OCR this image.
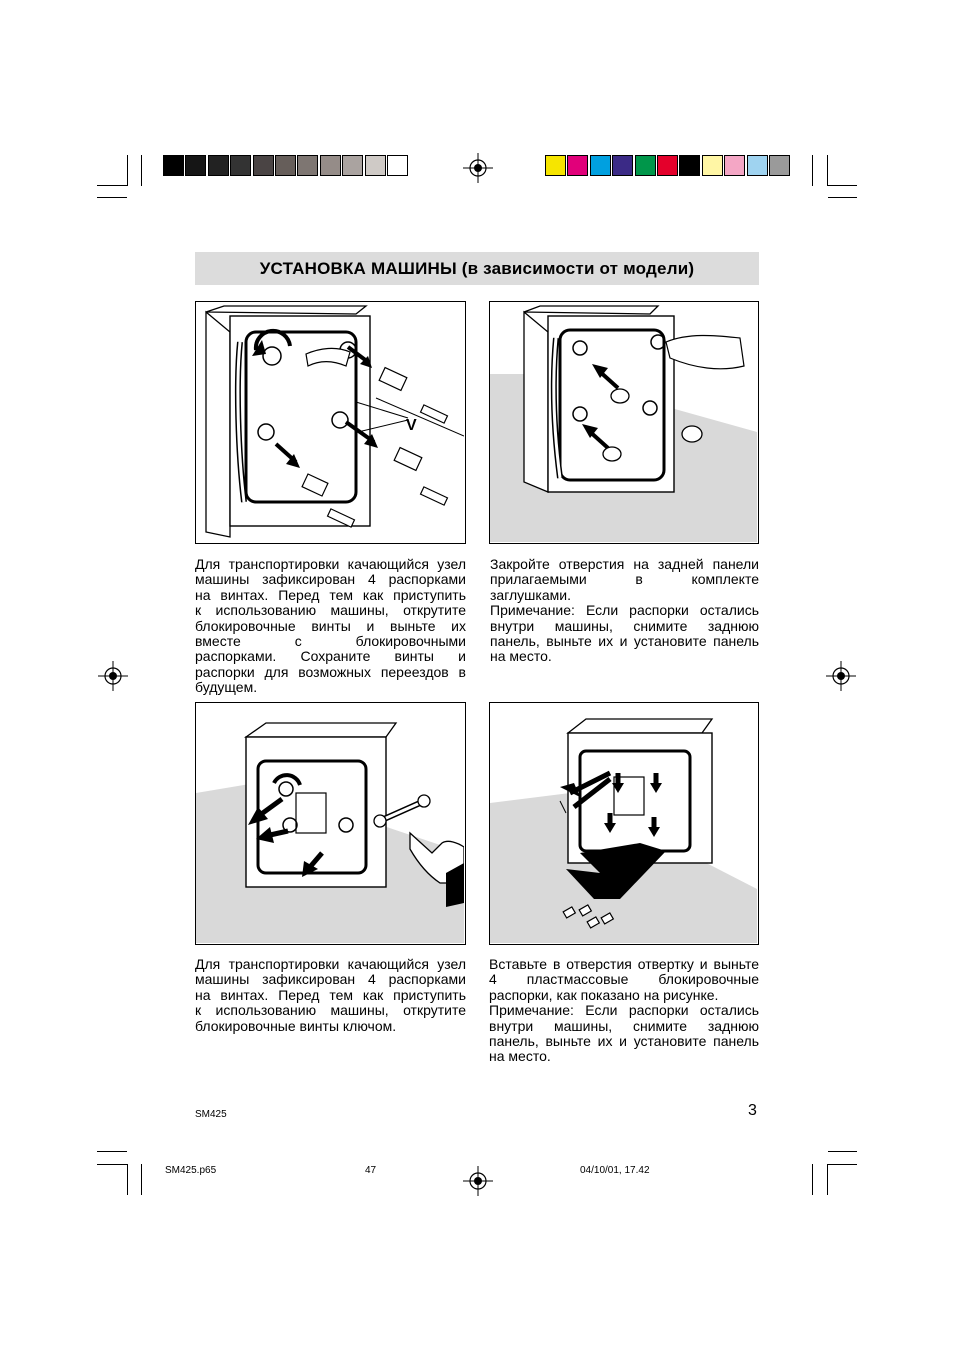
УСТАНОВКА МАШИНЫ (в зависимости от модели)
V
Для транспортировки качающийся узел
машины зафиксирован 4 распорками
на винтах. Перед тем как приступить
к использованию машины, открутите
блокировочные винты и выньте их
вместе с блокировочными
распорками. Сохраните винты и
распорки для возможных переездов в
будущем.
Закройте отверстия на задней панели
прилагаемыми в комплекте
заглушками.
Примечание: Если распорки остались
внутри машины, снимите заднюю
панель, выньте их и установите панель
на место.
Для транспортировки качающийся узел
машины зафиксирован 4 распорками
на винтах. Перед тем как приступить
к использованию машины, открутите
блокировочные винты ключом.
Вставьте в отверстия отвертку и выньте
4 пластмассовые блокировочные
распорки, как показано на рисунке.
Примечание: Если распорки остались
внутри машины, снимите заднюю
панель, выньте их и установите панель
на место.
SM425	3
SM425.p65	47	04/10/01, 17.42
